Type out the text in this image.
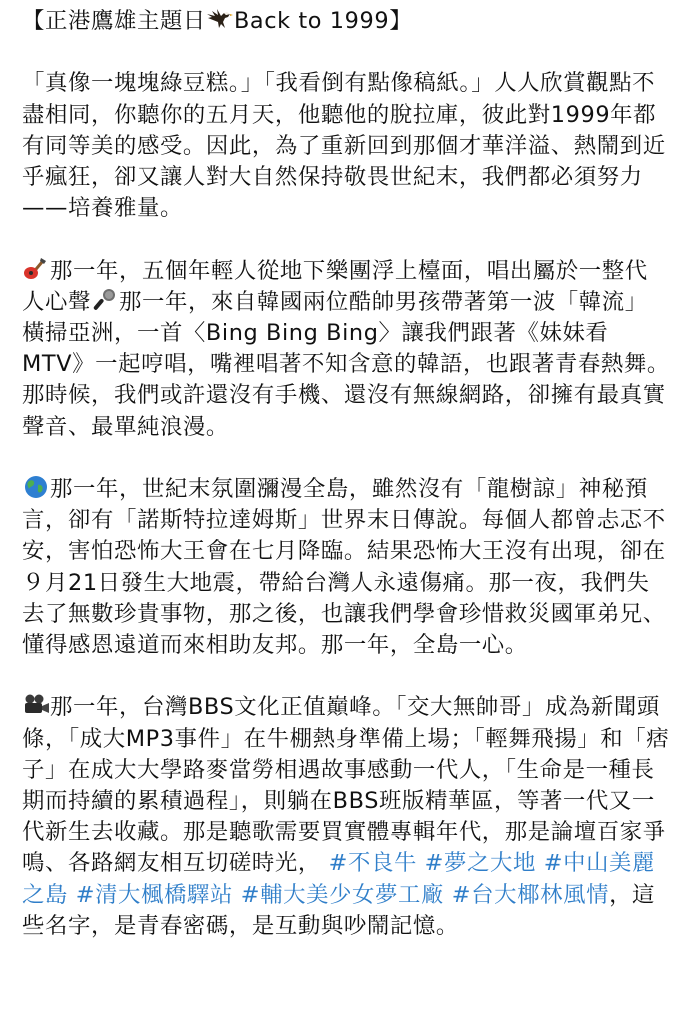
【正港鷹雄主題日 Back to 1999】

「真像一塊塊綠豆糕。」「我看倒有點像稿紙。」人人欣賞觀點不盡相同，你聽你的五月天，他聽他的脫拉庫，彼此對1999年都有同等美的感受。因此，為了重新回到那個才華洋溢、熱鬧到近乎瘋狂，卻又讓人對大自然保持敬畏世紀末，我們都必須努力——培養雅量。

那一年，五個年輕人從地下樂團浮上檯面，唱出屬於一整代人心聲 那一年，來自韓國兩位酷帥男孩帶著第一波「韓流」橫掃亞洲，一首〈Bing Bing Bing〉讓我們跟著《妹妹看 MTV》一起哼唱，嘴裡唱著不知含意的韓語，也跟著青春熱舞。那時候，我們或許還沒有手機、還沒有無線網路，卻擁有最真實聲音、最單純浪漫。

那一年，世紀末氛圍瀰漫全島，雖然沒有「龍樹諒」神秘預言，卻有「諾斯特拉達姆斯」世界末日傳說。每個人都曾忐忑不安，害怕恐怖大王會在七月降臨。結果恐怖大王沒有出現，卻在９月21日發生大地震，帶給台灣人永遠傷痛。那一夜，我們失去了無數珍貴事物，那之後，也讓我們學會珍惜救災國軍弟兄、懂得感恩遠道而來相助友邦。那一年，全島一心。

那一年，台灣BBS文化正值巔峰。「交大無帥哥」成為新聞頭條，「成大MP3事件」在牛棚熱身準備上場；「輕舞飛揚」和「痞子」在成大大學路麥當勞相遇故事感動一代人，「生命是一種長期而持續的累積過程」，則躺在BBS班版精華區，等著一代又一代新生去收藏。那是聽歌需要買實體專輯年代，那是論壇百家爭鳴、各路網友相互切磋時光， #不良牛 #夢之大地 #中山美麗之島 #清大楓橋驛站 #輔大美少女夢工廠 #台大椰林風情，這些名字，是青春密碼，是互動與吵鬧記憶。
